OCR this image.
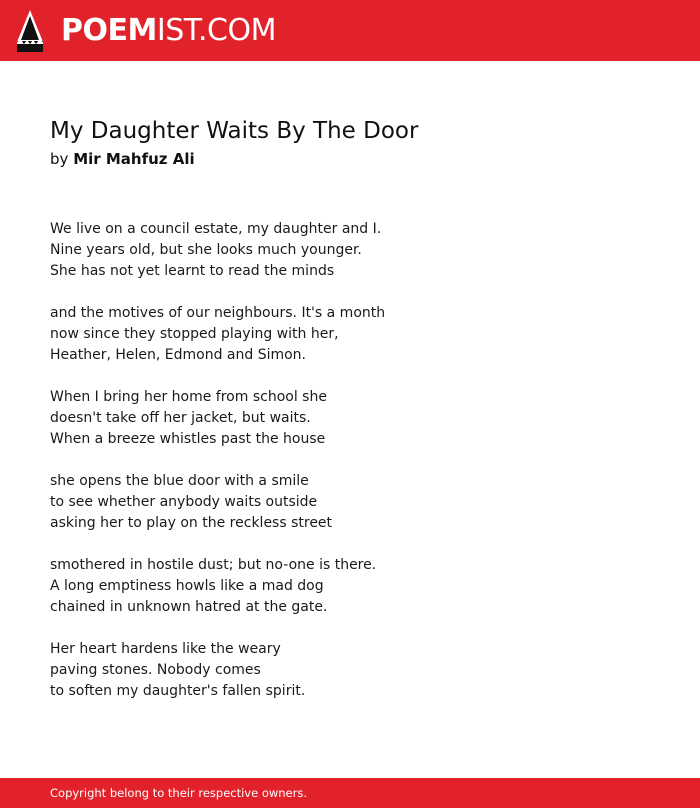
POEMIST.COM
My Daughter Waits By The Door
by Mir Mahfuz Ali
We live on a council estate, my daughter and I.
Nine years old, but she looks much younger.
She has not yet learnt to read the minds
and the motives of our neighbours. It's a month
now since they stopped playing with her,
Heather, Helen, Edmond and Simon.
When I bring her home from school she
doesn't take off her jacket, but waits.
When a breeze whistles past the house
she opens the blue door with a smile
to see whether anybody waits outside
asking her to play on the reckless street
smothered in hostile dust; but no-one is there.
A long emptiness howls like a mad dog
chained in unknown hatred at the gate.
Her heart hardens like the weary
paving stones. Nobody comes
to soften my daughter's fallen spirit.
Copyright belong to their respective owners.
